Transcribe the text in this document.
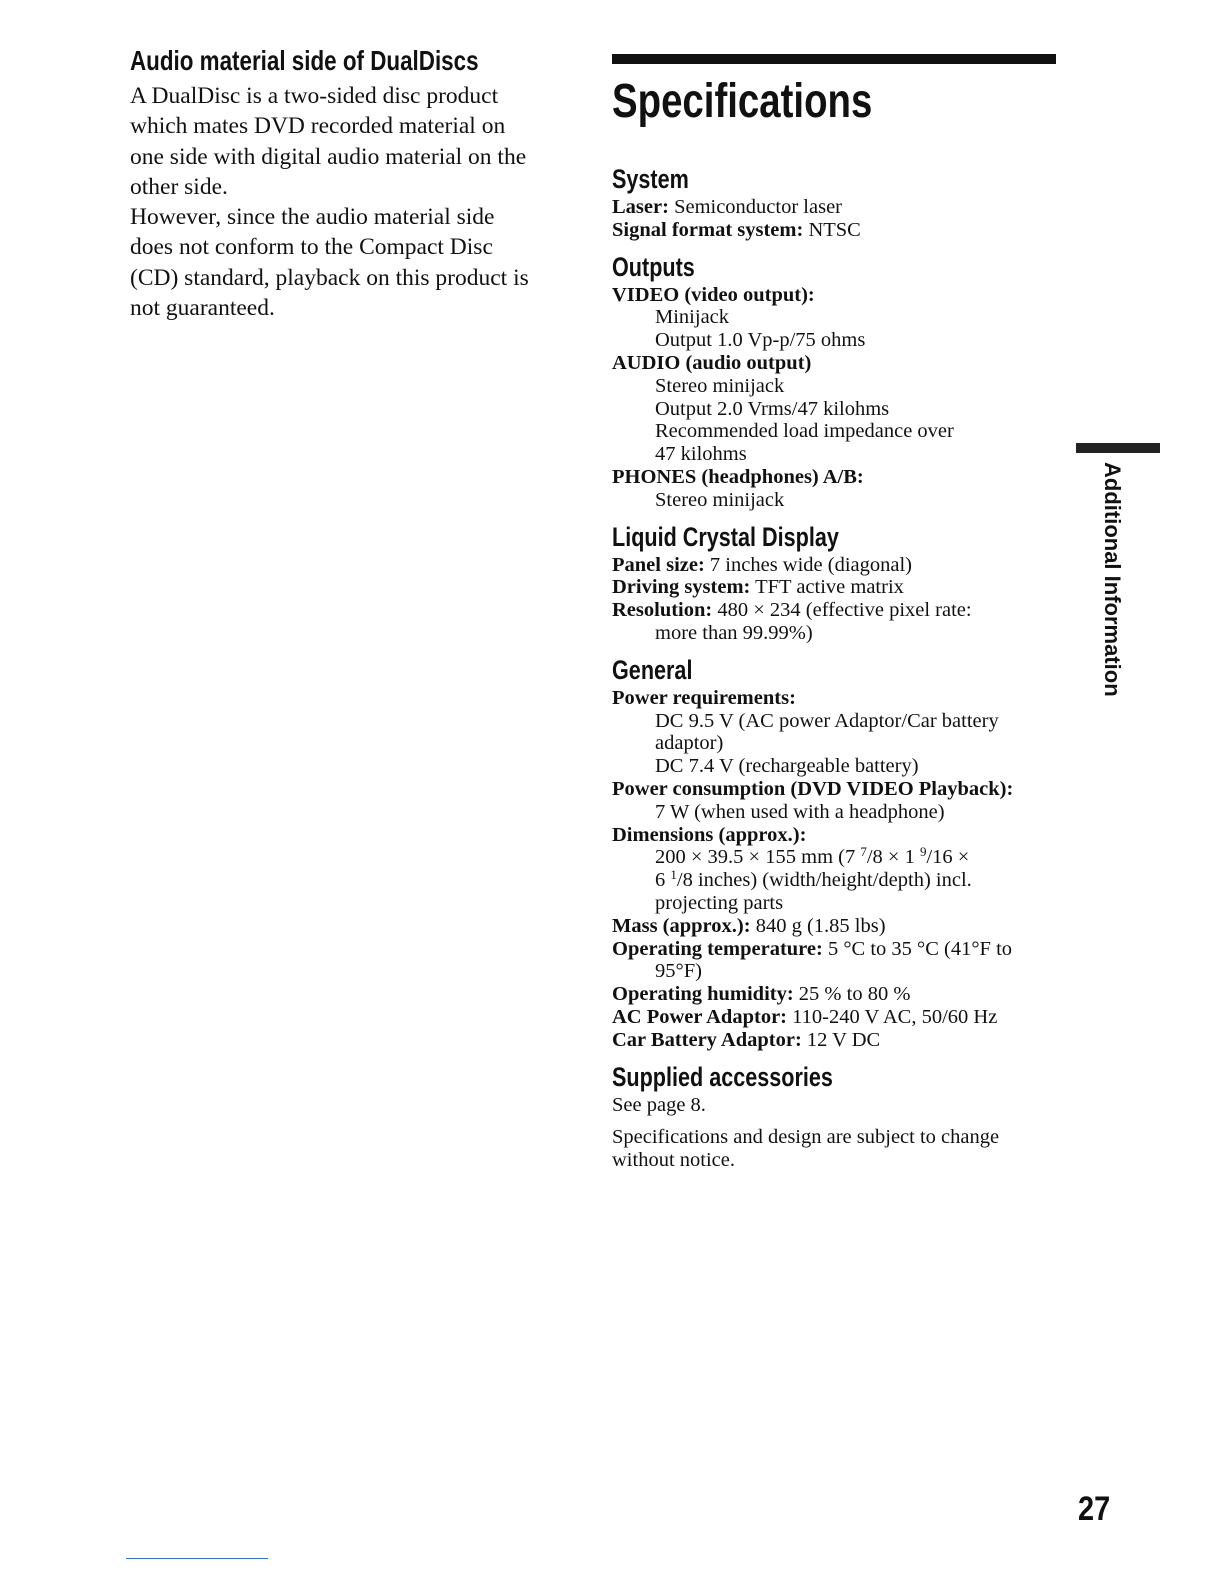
Audio material side of DualDiscs
A DualDisc is a two-sided disc product
which mates DVD recorded material on
one side with digital audio material on the
other side.
However, since the audio material side
does not conform to the Compact Disc
(CD) standard, playback on this product is
not guaranteed.
Specifications
System
Laser: Semiconductor laser
Signal format system: NTSC
Outputs
VIDEO (video output):
Minijack
Output 1.0 Vp-p/75 ohms
AUDIO (audio output)
Stereo minijack
Output 2.0 Vrms/47 kilohms
Recommended load impedance over
47 kilohms
PHONES (headphones) A/B:
Stereo minijack
Liquid Crystal Display
Panel size: 7 inches wide (diagonal)
Driving system: TFT active matrix
Resolution: 480 × 234 (effective pixel rate:
more than 99.99%)
General
Power requirements:
DC 9.5 V (AC power Adaptor/Car battery
adaptor)
DC 7.4 V (rechargeable battery)
Power consumption (DVD VIDEO Playback):
7 W (when used with a headphone)
Dimensions (approx.):
200 × 39.5 × 155 mm (7 $^7$/8 × 1 $^9$/16 ×
6 $^1$/8 inches) (width/height/depth) incl.
projecting parts
Mass (approx.): 840 g (1.85 lbs)
Operating temperature: 5 °C to 35 °C (41°F to
95°F)
Operating humidity: 25 % to 80 %
AC Power Adaptor: 110-240 V AC, 50/60 Hz
Car Battery Adaptor: 12 V DC
Supplied accessories
See page 8.
Specifications and design are subject to change
without notice.
Additional Information
27
